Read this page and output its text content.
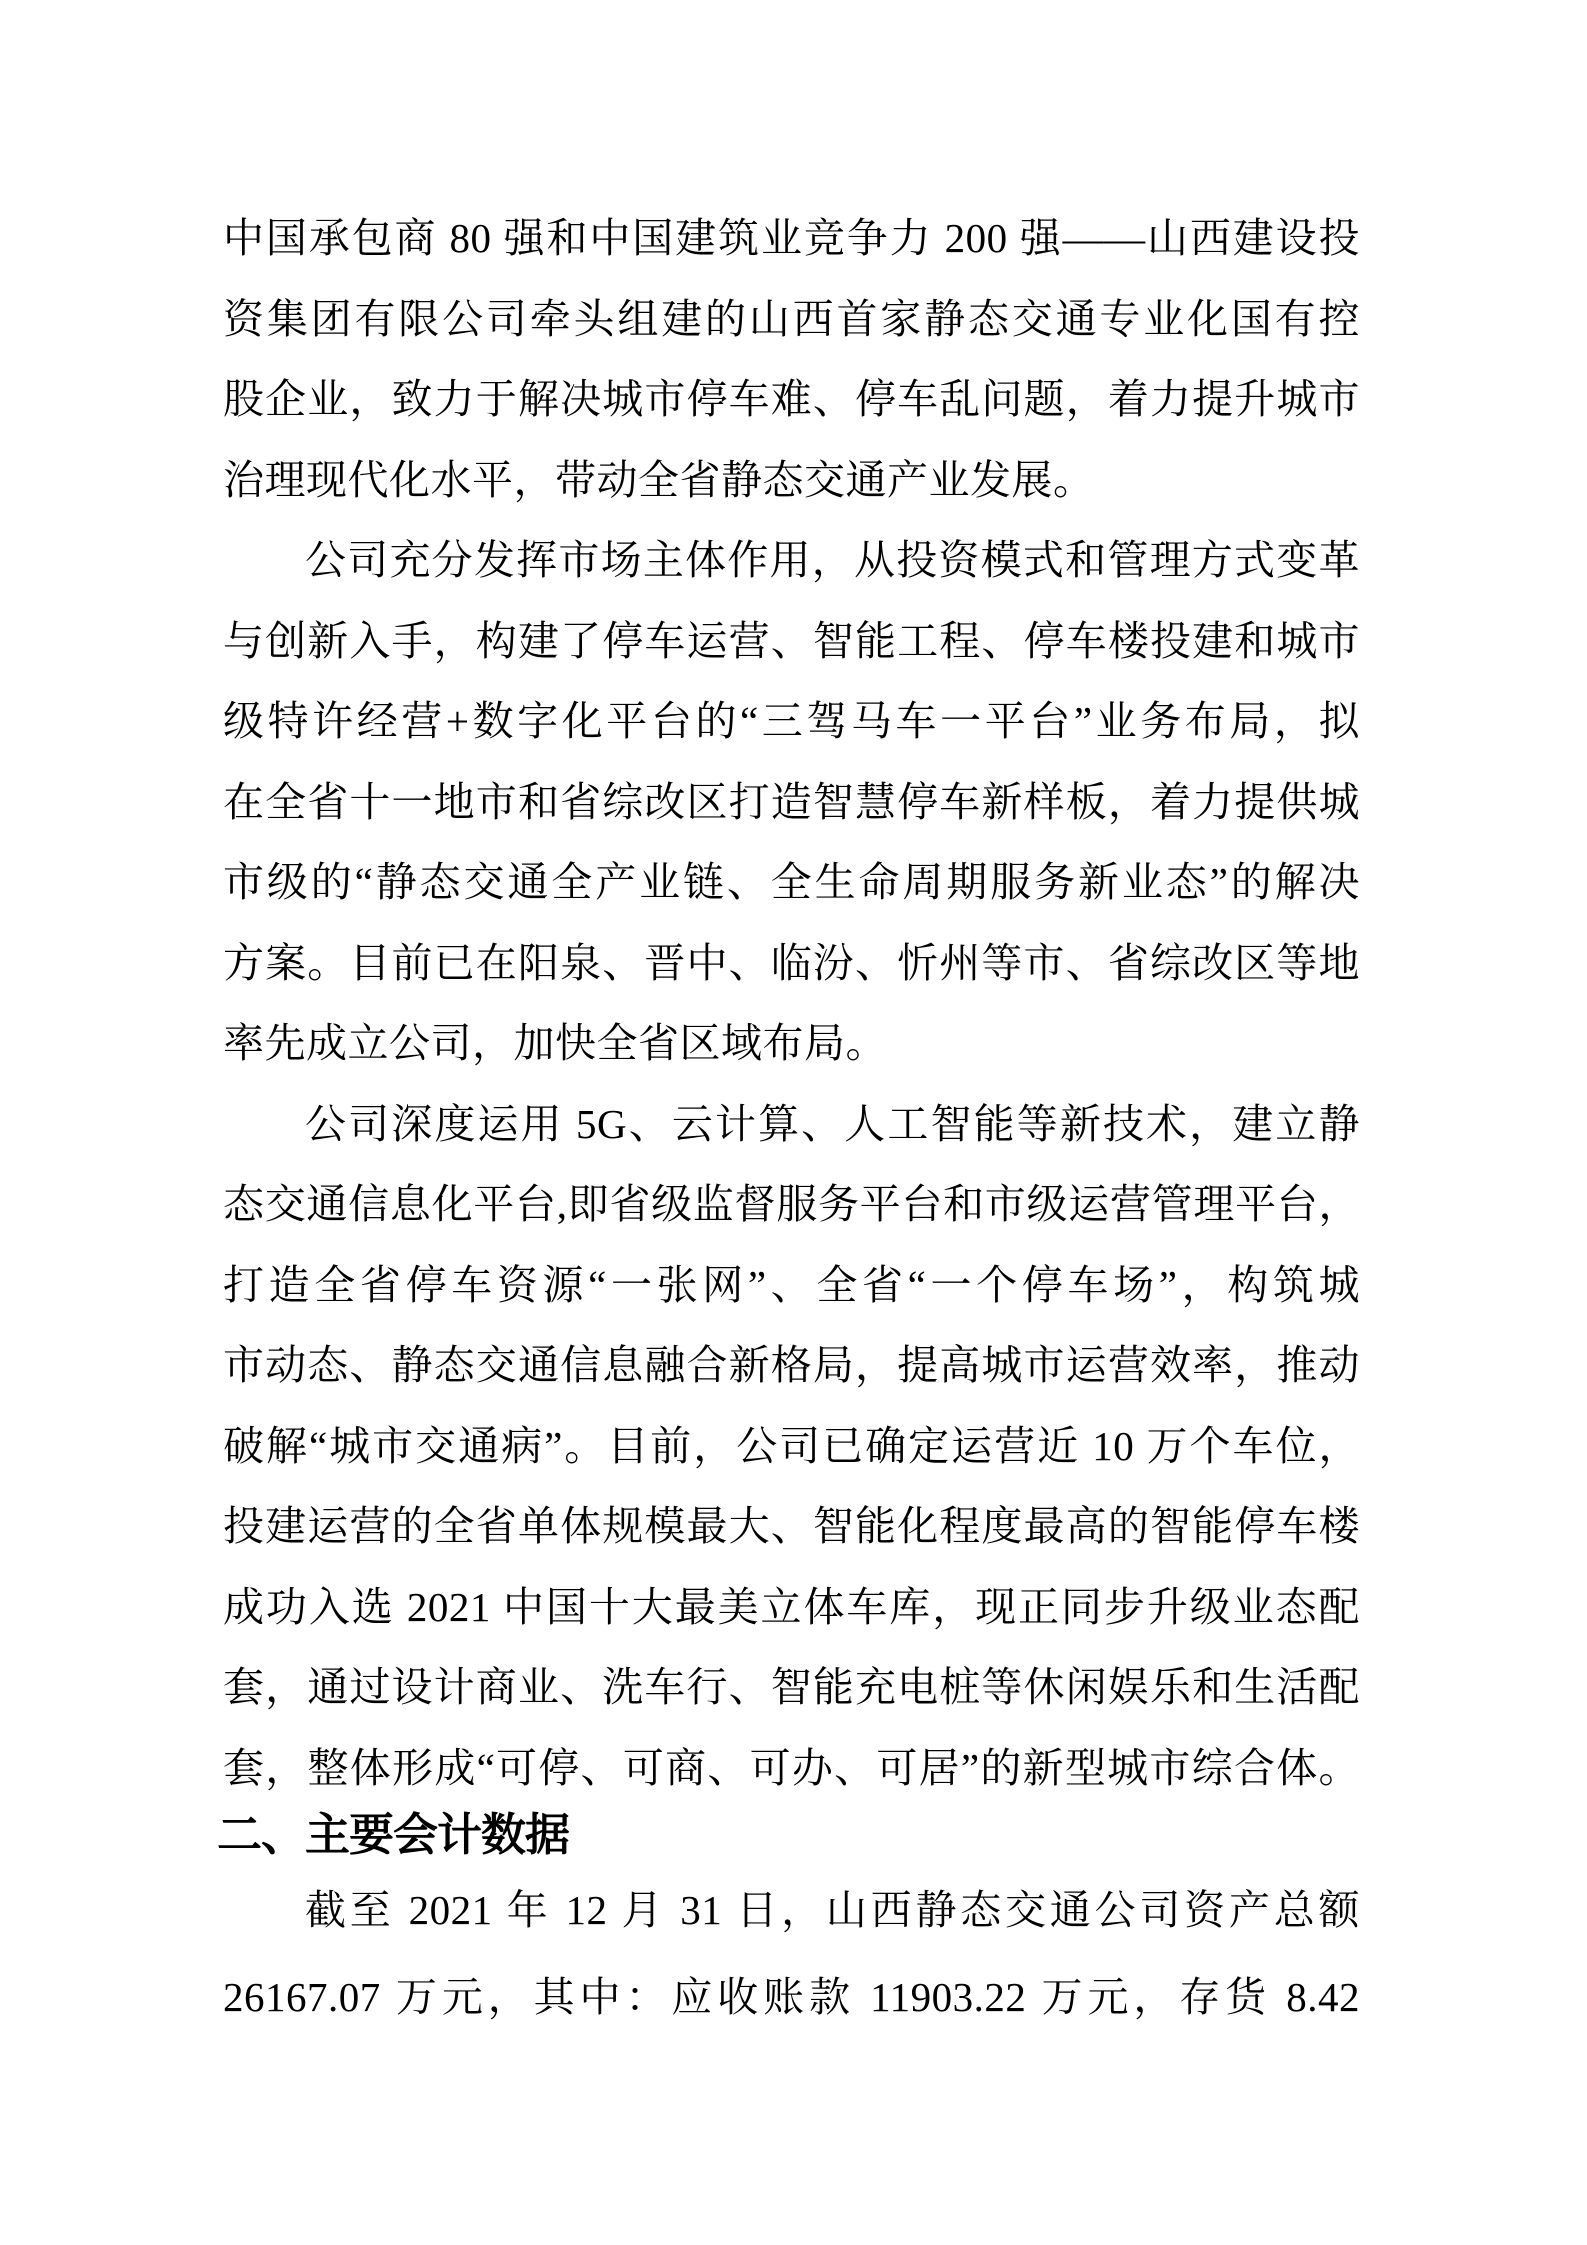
中国承包商 80 强和中国建筑业竞争力 200 强——山西建设投
资集团有限公司牵头组建的山西首家静态交通专业化国有控
股企业，致力于解决城市停车难、停车乱问题，着力提升城市
治理现代化水平，带动全省静态交通产业发展。
公司充分发挥市场主体作用，从投资模式和管理方式变革
与创新入手，构建了停车运营、智能工程、停车楼投建和城市
级特许经营+数字化平台的“三驾马车一平台”业务布局，拟
在全省十一地市和省综改区打造智慧停车新样板，着力提供城
市级的“静态交通全产业链、全生命周期服务新业态”的解决
方案。目前已在阳泉、晋中、临汾、忻州等市、省综改区等地
率先成立公司，加快全省区域布局。
公司深度运用 5G、云计算、人工智能等新技术，建立静
态交通信息化平台,即省级监督服务平台和市级运营管理平台，
打造全省停车资源“一张网”、全省“一个停车场”，构筑城
市动态、静态交通信息融合新格局，提高城市运营效率，推动
破解“城市交通病”。目前，公司已确定运营近 10 万个车位，
投建运营的全省单体规模最大、智能化程度最高的智能停车楼
成功入选 2021 中国十大最美立体车库，现正同步升级业态配
套，通过设计商业、洗车行、智能充电桩等休闲娱乐和生活配
套，整体形成“可停、可商、可办、可居”的新型城市综合体。
二、主要会计数据
截至 2021 年 12 月 31 日，山西静态交通公司资产总额
26167.07 万元，其中：应收账款 11903.22 万元，存货 8.42
